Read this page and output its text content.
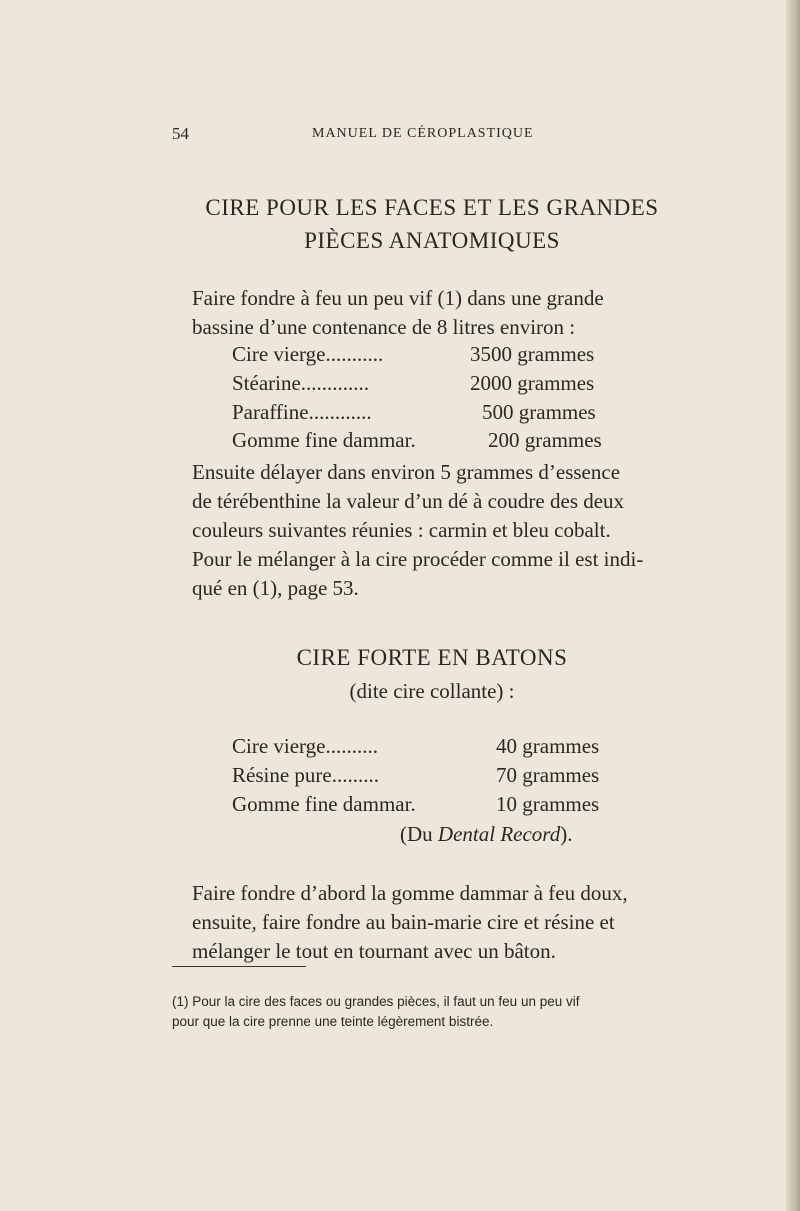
54	MANUEL DE CÉROPLASTIQUE
CIRE POUR LES FACES ET LES GRANDES
PIÈCES ANATOMIQUES
Faire fondre à feu un peu vif (1) dans une grande
bassine d’une contenance de 8 litres environ :
Cire vierge...........	3500 grammes
Stéarine.............	2000 grammes
Paraffine............	500 grammes
Gomme fine dammar.	200 grammes
Ensuite délayer dans environ 5 grammes d’essence
de térébenthine la valeur d’un dé à coudre des deux
couleurs suivantes réunies : carmin et bleu cobalt.
Pour le mélanger à la cire procéder comme il est indi-
qué en (1), page 53.
CIRE FORTE EN BATONS
(dite cire collante) :
Cire vierge..........	40 grammes
Résine pure.........	70 grammes
Gomme fine dammar.	10 grammes
(Du Dental Record).
Faire fondre d’abord la gomme dammar à feu doux,
ensuite, faire fondre au bain-marie cire et résine et
mélanger le tout en tournant avec un bâton.
(1) Pour la cire des faces ou grandes pièces, il faut un feu un peu vif
pour que la cire prenne une teinte légèrement bistrée.
